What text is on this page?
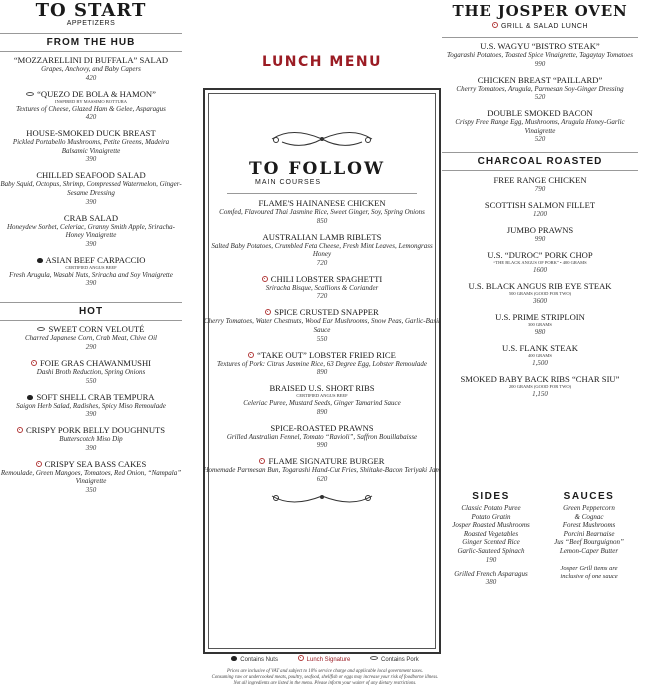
TO START
APPETIZERS
FROM THE HUB
“MOZZARELLINI DI BUFFALA” SALAD
Grapes, Anchovy, and Baby Capers
420
“QUEZO DE BOLA & HAMON”
INSPIRED BY MASSIMO BOTTURA
Textures of Cheese, Glazed Ham & Gelee, Asparagus
420
HOUSE-SMOKED DUCK BREAST
Pickled Portabello Mushrooms, Petite Greens, Madeira Balsamic Vinaigrette
390
CHILLED SEAFOOD SALAD
Baby Squid, Octopus, Shrimp, Compressed Watermelon, Ginger-Sesame Dressing
390
CRAB SALAD
Honeydew Sorbet, Celeriac, Granny Smith Apple, Sriracha-Honey Vinaigrette
390
ASIAN BEEF CARPACCIO
CERTIFIED ANGUS BEEF
Fresh Arugula, Wasabi Nuts, Sriracha and Soy Vinaigrette
390
HOT
SWEET CORN VELOUTÉ
Charred Japanese Corn, Crab Meat, Chive Oil
290
FOIE GRAS CHAWANMUSHI
Dashi Broth Reduction, Spring Onions
550
SOFT SHELL CRAB TEMPURA
Saigon Herb Salad, Radishes, Spicy Miso Remoulade
390
CRISPY PORK BELLY DOUGHNUTS
Butterscotch Miso Dip
390
CRISPY SEA BASS CAKES
Remoulade, Green Mangoes, Tomatoes, Red Onion, “Nampala” Vinaigrette
350
LUNCH MENU
TO FOLLOW
MAIN COURSES
FLAME'S HAINANESE CHICKEN
Comfed, Flavoured Thai Jasmine Rice, Sweet Ginger, Soy, Spring Onions
850
AUSTRALIAN LAMB RIBLETS
Salted Baby Potatoes, Crumbled Feta Cheese, Fresh Mint Leaves, Lemongrass Honey
720
CHILI LOBSTER SPAGHETTI
Sriracha Bisque, Scallions & Coriander
720
SPICE CRUSTED SNAPPER
Cherry Tomatoes, Water Chestnuts, Wood Ear Mushrooms, Snow Peas, Garlic-Basil Sauce
550
“TAKE OUT” LOBSTER FRIED RICE
Textures of Pork: Citrus Jasmine Rice, 63 Degree Egg, Lobster Remoulade
890
BRAISED U.S. SHORT RIBS
CERTIFIED ANGUS BEEF
Celeriac Puree, Mustard Seeds, Ginger Tamarind Sauce
890
SPICE-ROASTED PRAWNS
Grilled Australian Fennel, Tomato “Ravioli”, Saffron Bouillabaisse
990
FLAME SIGNATURE BURGER
Homemade Parmesan Bun, Togarashi Hand-Cut Fries, Shiitake-Bacon Teriyaki Jam
620
THE JOSPER OVEN
GRILL & SALAD LUNCH
U.S. WAGYU “BISTRO STEAK”
Togarashi Potatoes, Toasted Spice Vinaigrette, Tagaytay Tomatoes
990
CHICKEN BREAST “PAILLARD”
Cherry Tomatoes, Arugula, Parmesan Soy-Ginger Dressing
520
DOUBLE SMOKED BACON
Crispy Free Range Egg, Mushrooms, Arugula Honey-Garlic Vinaigrette
520
CHARCOAL ROASTED
FREE RANGE CHICKEN
790
SCOTTISH SALMON FILLET
1200
JUMBO PRAWNS
990
U.S. “DUROC” PORK CHOP
“THE BLACK ANGUS OF PORK” • 400 GRAMS
1600
U.S. BLACK ANGUS RIB EYE STEAK
500 GRAMS (GOOD FOR TWO)
3600
U.S. PRIME STRIPLOIN
300 GRAMS
980
U.S. FLANK STEAK
400 GRAMS
1,500
SMOKED BABY BACK RIBS “CHAR SIU”
200 GRAMS (GOOD FOR TWO)
1,150
SIDES
Classic Potato Puree
Potato Gratin
Josper Roasted Mushrooms
Roasted Vegetables
Ginger Scented Rice
Garlic-Sauteed Spinach
190
Grilled French Asparagus
380
SAUCES
Green Peppercorn
& Cognac
Forest Mushrooms
Porcini Bearnaise
Jus “Beef Bourguignon”
Lemon-Caper Butter
Josper Grill items are inclusive of one sauce
Contains Nuts	Lunch Signature	Contains Pork
Prices are inclusive of VAT and subject to 10% service charge and applicable local government taxes.
Consuming raw or undercooked meats, poultry, seafood, shellfish or eggs may increase your risk of foodborne illness.
Not all ingredients are listed in the menu. Please inform your waiter of any dietary restrictions.
